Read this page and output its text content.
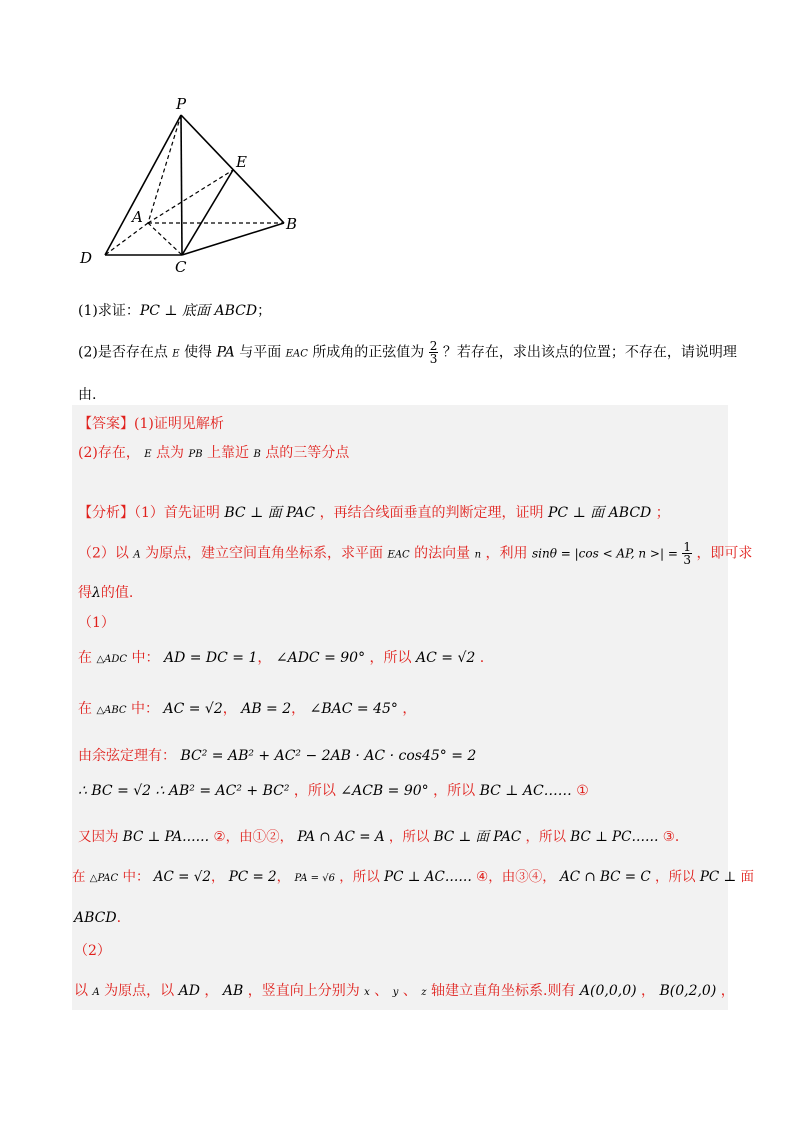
P
E
A	B
D	C
(1)求证：PC ⊥ 底面 ABCD；
(2)是否存在点 E 使得 PA 与平面 EAC 所成角的正弦值为 $\frac{2}{3}$ ？若存在，求出该点的位置；不存在，请说明理
由.
【答案】(1)证明见解析
(2)存在， E 点为 PB 上靠近 B 点的三等分点
【分析】（1）首先证明 BC ⊥ 面 PAC ，再结合线面垂直的判断定理，证明 PC ⊥ 面 ABCD ；
（2）以 A 为原点，建立空间直角坐标系，求平面 EAC 的法向量 n ，利用 sinθ = |cos < AP, n >| = $\frac{1}{3}$ ，即可求
得λ的值.
（1）
在 △ADC 中： AD = DC = 1， ∠ADC = 90° ，所以 AC = √2 .
在 △ABC 中： AC = √2， AB = 2， ∠BAC = 45° ，
由余弦定理有： BC² = AB² + AC² − 2AB · AC · cos45° = 2
∴ BC = √2 ∴ AB² = AC² + BC² ，所以 ∠ACB = 90° ，所以 BC ⊥ AC…… ①
又因为 BC ⊥ PA…… ②，由①②， PA ∩ AC = A ，所以 BC ⊥ 面 PAC ，所以 BC ⊥ PC…… ③.
在 △PAC 中： AC = √2， PC = 2， PA = √6 ，所以 PC ⊥ AC…… ④，由③④， AC ∩ BC = C ，所以 PC ⊥ 面
ABCD.
（2）
以 A 为原点，以 AD ， AB ，竖直向上分别为 x 、 y 、 z 轴建立直角坐标系.则有 A(0,0,0) ， B(0,2,0) ，
